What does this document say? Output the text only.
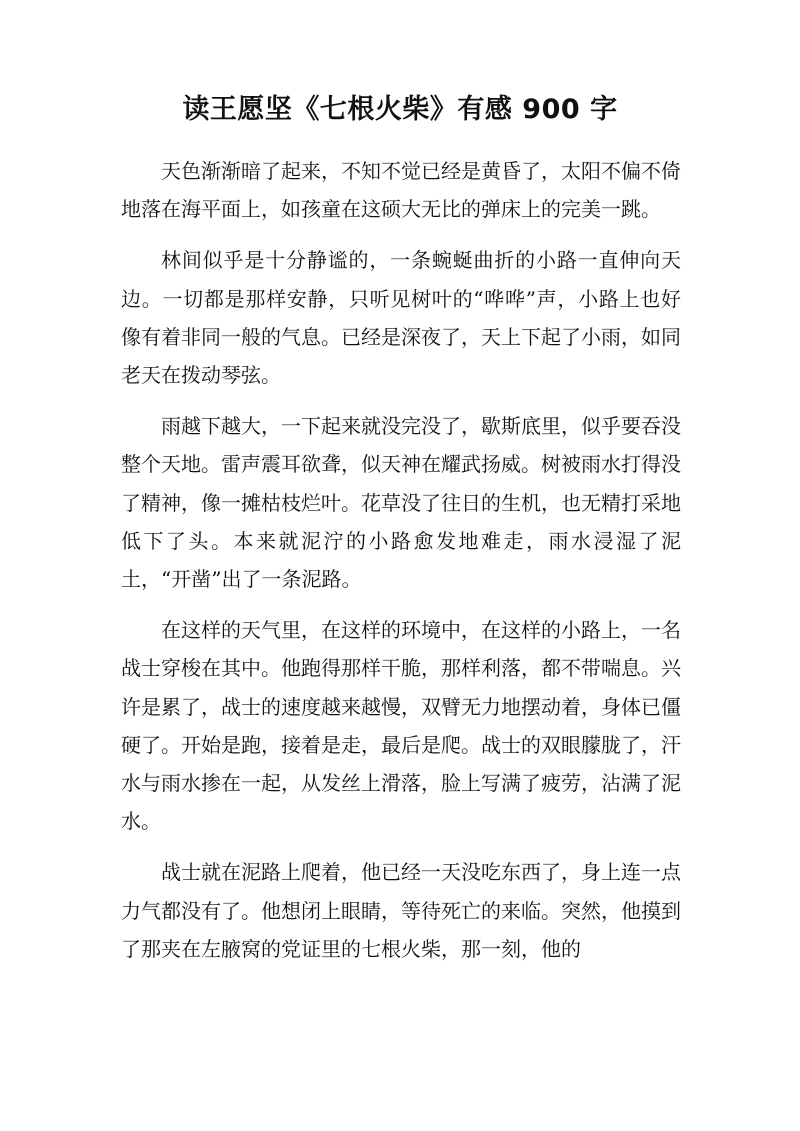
读王愿坚《七根火柴》有感 900 字

天色渐渐暗了起来，不知不觉已经是黄昏了，太阳不偏不倚地落在海平面上，如孩童在这硕大无比的弹床上的完美一跳。

林间似乎是十分静谧的，一条蜿蜒曲折的小路一直伸向天边。一切都是那样安静，只听见树叶的“哗哗”声，小路上也好像有着非同一般的气息。已经是深夜了，天上下起了小雨，如同老天在拨动琴弦。

雨越下越大，一下起来就没完没了，歇斯底里，似乎要吞没整个天地。雷声震耳欲聋，似天神在耀武扬威。树被雨水打得没了精神，像一摊枯枝烂叶。花草没了往日的生机，也无精打采地低下了头。本来就泥泞的小路愈发地难走，雨水浸湿了泥土，“开凿”出了一条泥路。

在这样的天气里，在这样的环境中，在这样的小路上，一名战士穿梭在其中。他跑得那样干脆，那样利落，都不带喘息。兴许是累了，战士的速度越来越慢，双臂无力地摆动着，身体已僵硬了。开始是跑，接着是走，最后是爬。战士的双眼朦胧了，汗水与雨水掺在一起，从发丝上滑落，脸上写满了疲劳，沾满了泥水。

战士就在泥路上爬着，他已经一天没吃东西了，身上连一点力气都没有了。他想闭上眼睛，等待死亡的来临。突然，他摸到了那夹在左腋窝的党证里的七根火柴，那一刻，他的
